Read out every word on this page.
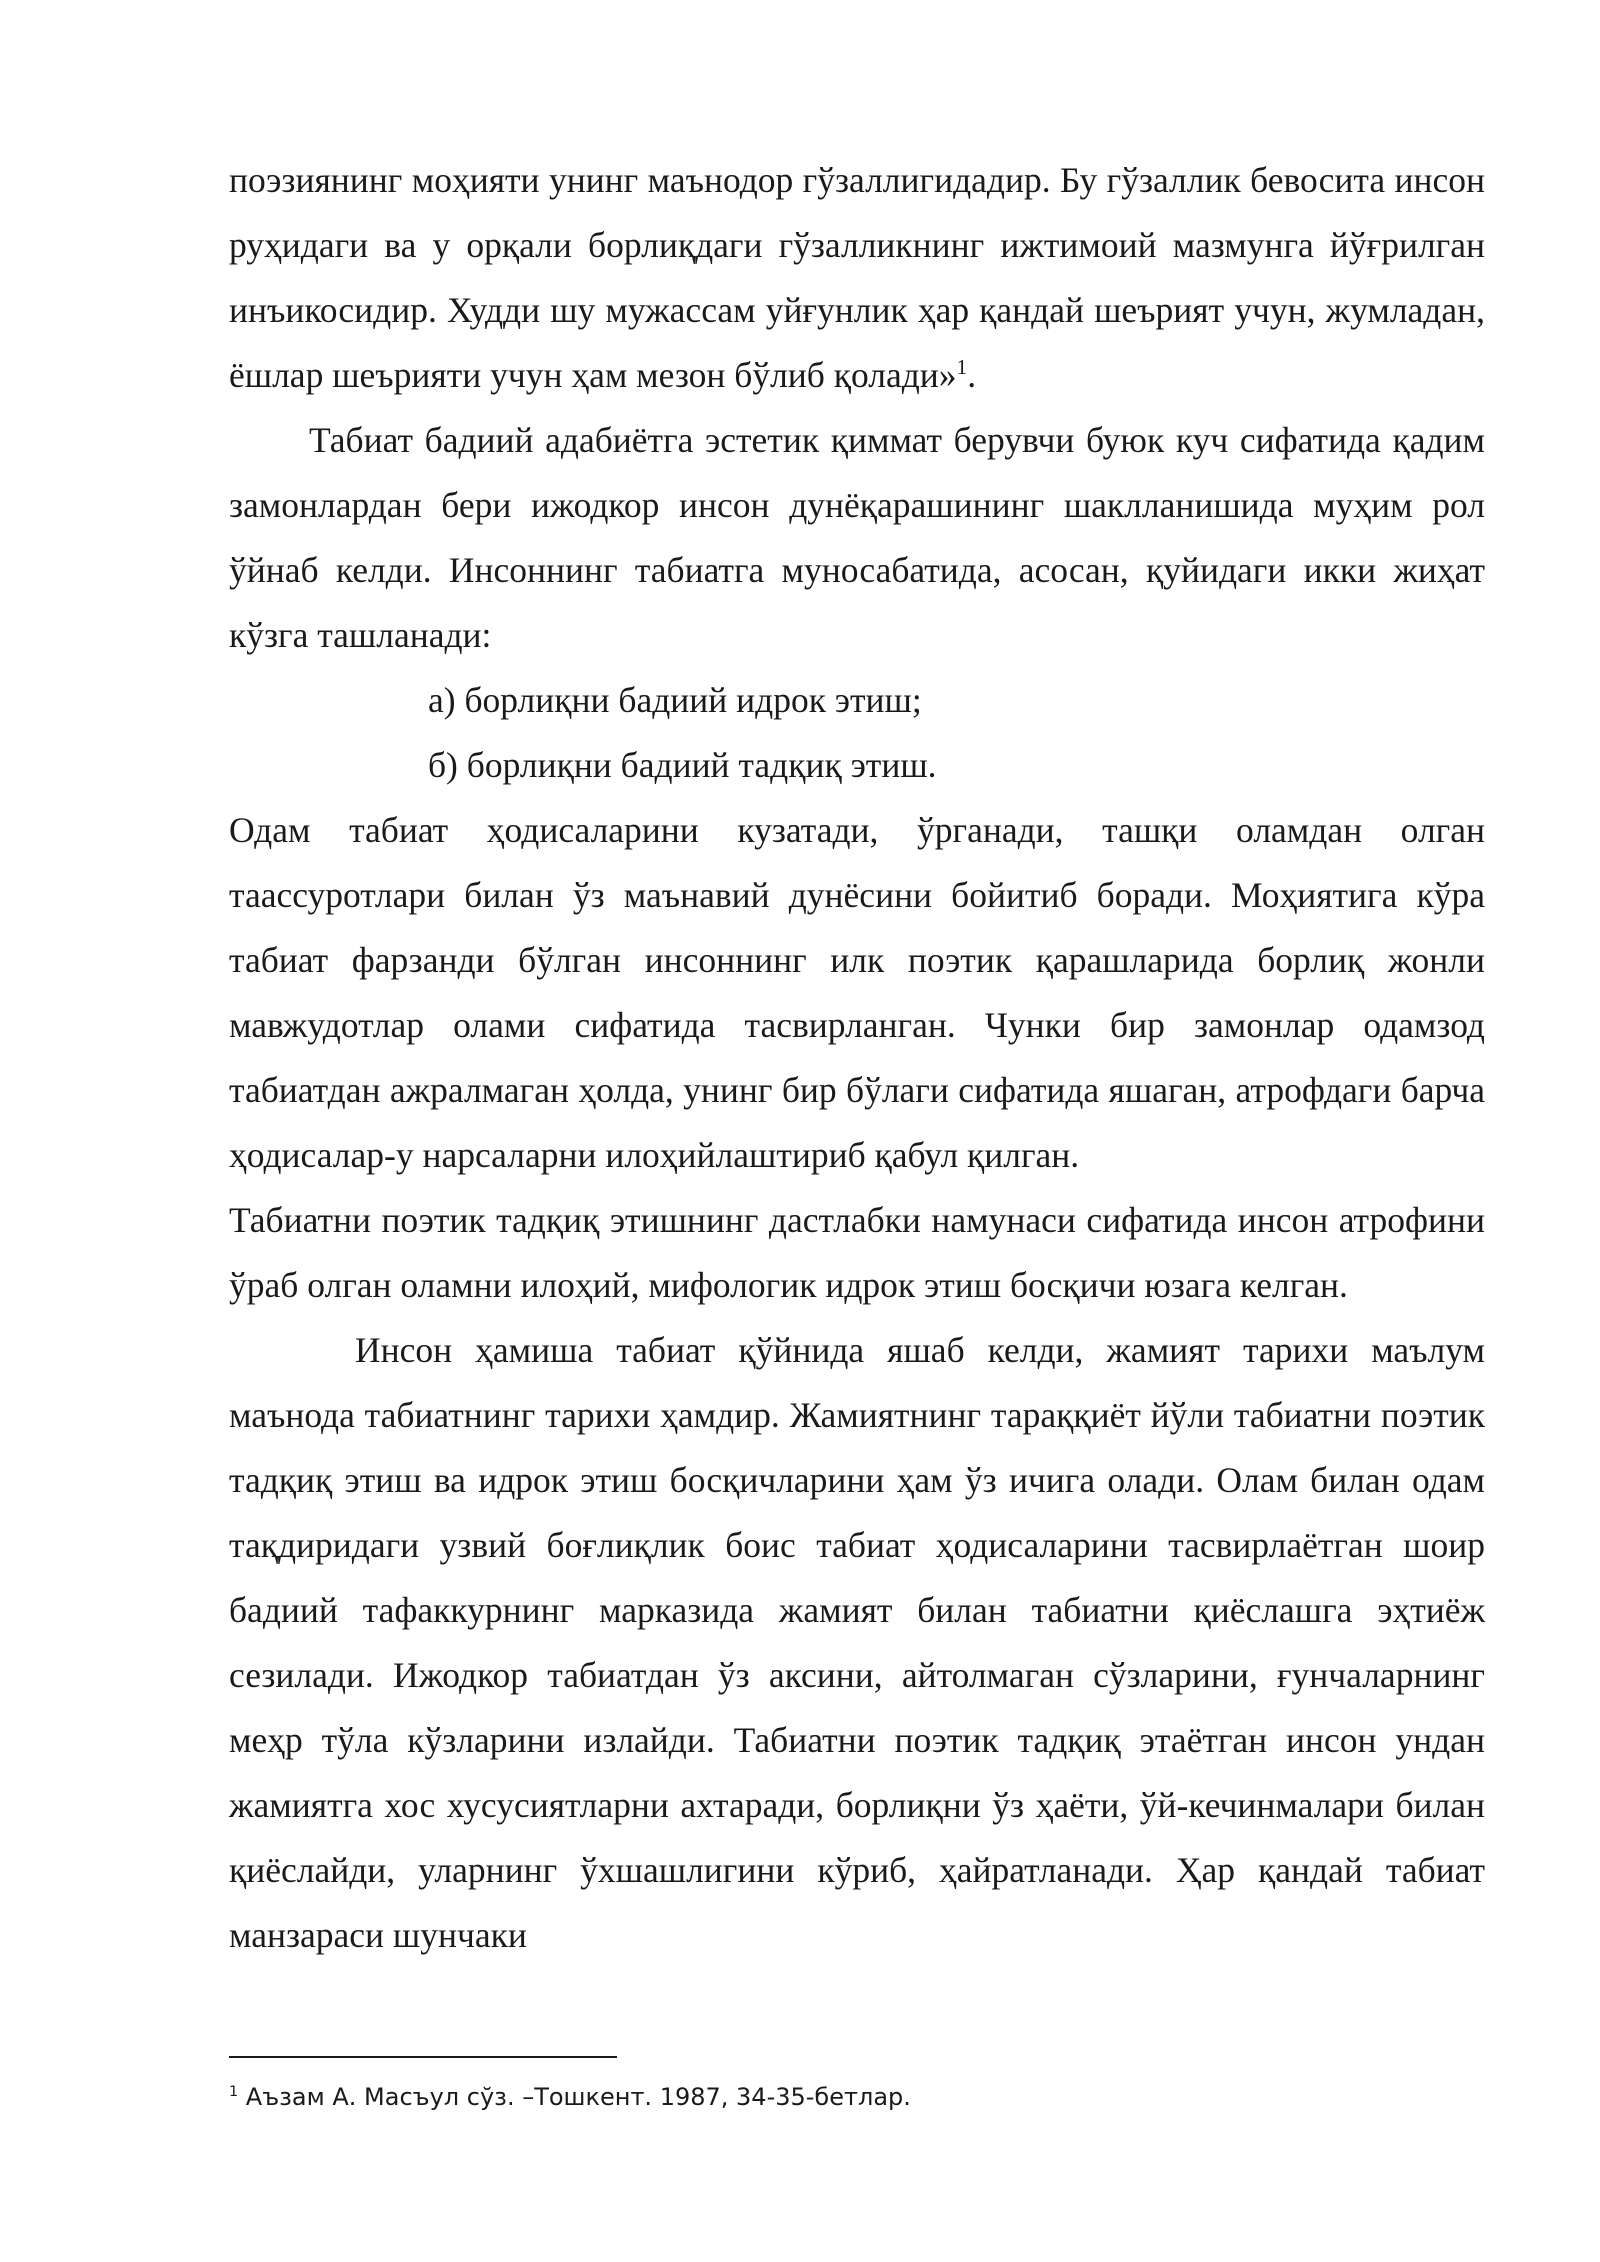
поэзиянинг моҳияти унинг маънодор гўзаллигидадир. Бу гўзаллик бевосита инсон руҳидаги ва у орқали борлиқдаги гўзалликнинг ижтимоий мазмунга йўғрилган инъикосидир. Худди шу мужассам уйғунлик ҳар қандай шеърият учун, жумладан, ёшлар шеърияти учун ҳам мезон бўлиб қолади»$^1$.

Табиат бадиий адабиётга эстетик қиммат берувчи буюк куч сифатида қадим замонлардан бери ижодкор инсон дунёқарашининг шаклланишида муҳим рол ўйнаб келди. Инсоннинг табиатга муносабатида, асосан, қуйидаги икки жиҳат кўзга ташланади:

а) борлиқни бадиий идрок этиш;

б) борлиқни бадиий тадқиқ этиш.

Одам табиат ҳодисаларини кузатади, ўрганади, ташқи оламдан олган таассуротлари билан ўз маънавий дунёсини бойитиб боради. Моҳиятига кўра табиат фарзанди бўлган инсоннинг илк поэтик қарашларида борлиқ жонли мавжудотлар олами сифатида тасвирланган. Чунки бир замонлар одамзод табиатдан ажралмаган ҳолда, унинг бир бўлаги сифатида яшаган, атрофдаги барча ҳодисалар-у нарсаларни илоҳийлаштириб қабул қилган.

Табиатни поэтик тадқиқ этишнинг дастлабки намунаси сифатида инсон атрофини ўраб олган оламни илоҳий, мифологик идрок этиш босқичи юзага келган.

Инсон ҳамиша табиат қўйнида яшаб келди, жамият тарихи маълум маънода табиатнинг тарихи ҳамдир. Жамиятнинг тараққиёт йўли табиатни поэтик тадқиқ этиш ва идрок этиш босқичларини ҳам ўз ичига олади. Олам билан одам тақдиридаги узвий боғлиқлик боис табиат ҳодисаларини тасвирлаётган шоир бадиий тафаккурнинг марказида жамият билан табиатни қиёслашга эҳтиёж сезилади. Ижодкор табиатдан ўз аксини, айтолмаган сўзларини, ғунчаларнинг меҳр тўла кўзларини излайди. Табиатни поэтик тадқиқ этаётган инсон ундан жамиятга хос хусусиятларни ахтаради, борлиқни ўз ҳаёти, ўй-кечинмалари билан қиёслайди, уларнинг ўхшашлигини кўриб, ҳайратланади. Ҳар қандай табиат манзараси шунчаки

$^1$ Аъзам А. Масъул сўз. –Тошкент. 1987, 34-35-бетлар.
